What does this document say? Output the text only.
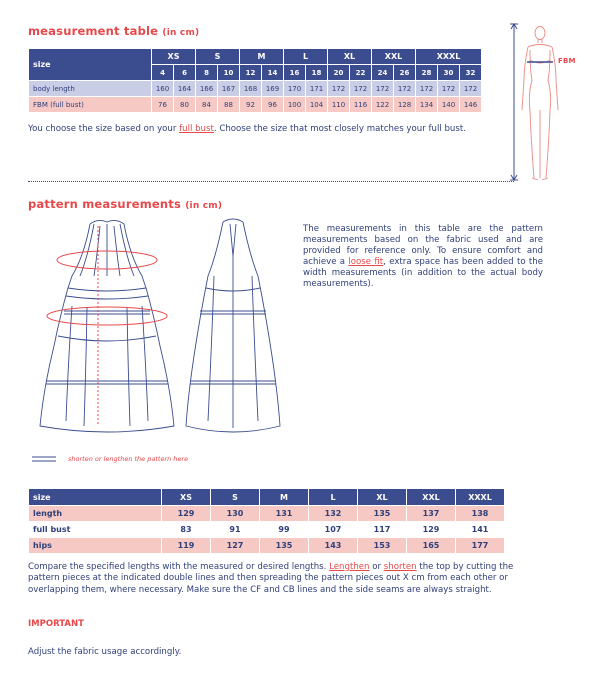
measurement table (in cm)
size	XS		S		M		L		XL		XXL		XXXL		
	4	6	8	10	12	14	16	18	20	22	24	26	28	30	32
body length	160	164	166	167	168	169	170	171	172	172	172	172	172	172	172
FBM (full bust)	76	80	84	88	92	96	100	104	110	116	122	128	134	140	146
You choose the size based on your full bust. Choose the size that most closely matches your full bust.
FBM
pattern measurements (in cm)
shorten or lengthen the pattern here
The measurements in this table are the pattern measurements based on the fabric used and are provided for reference only. To ensure comfort and achieve a loose fit, extra space has been added to the width measurements (in addition to the actual body measurements).
size	XS	S	M	L	XL	XXL	XXXL
length	129	130	131	132	135	137	138
full bust	83	91	99	107	117	129	141
hips	119	127	135	143	153	165	177
Compare the specified lengths with the measured or desired lengths. Lengthen or shorten the top by cutting the pattern pieces at the indicated double lines and then spreading the pattern pieces out X cm from each other or overlapping them, where necessary. Make sure the CF and CB lines and the side seams are always straight.
IMPORTANT
Adjust the fabric usage accordingly.
